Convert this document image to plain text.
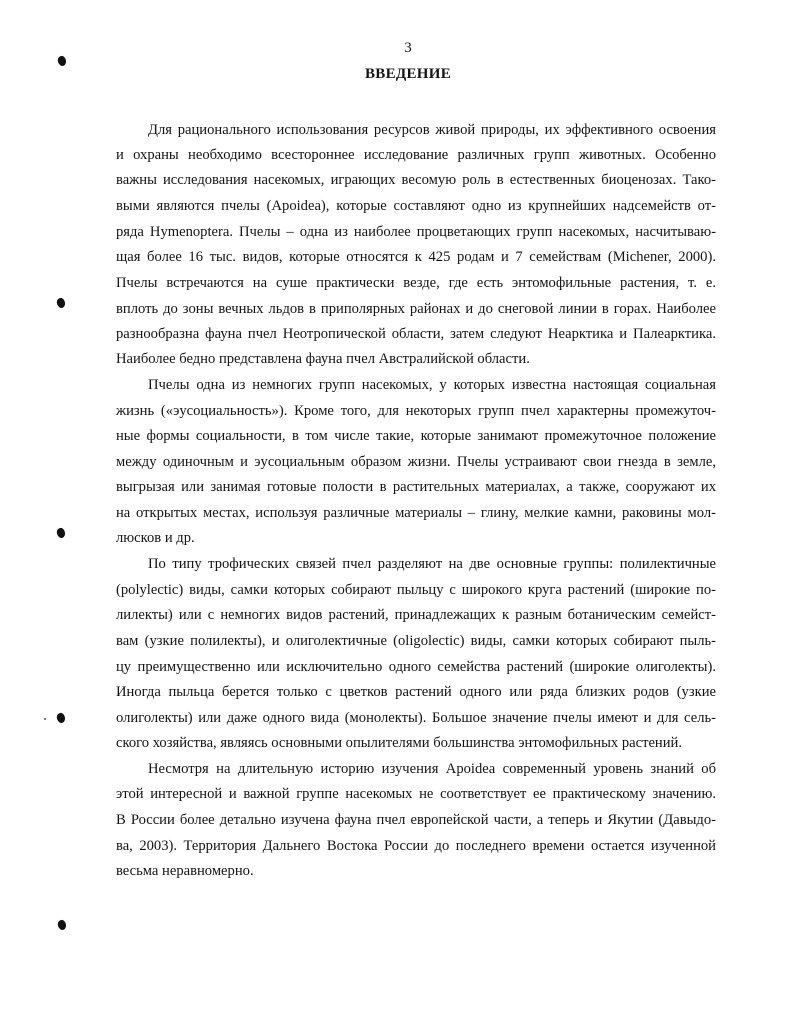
3
ВВЕДЕНИЕ
Для рационального использования ресурсов живой природы, их эффективного освоения
и охраны необходимо всестороннее исследование различных групп животных. Особенно
важны исследования насекомых, играющих весомую роль в естественных биоценозах. Тако-
выми являются пчелы (Apoidea), которые составляют одно из крупнейших надсемейств от-
ряда Hymenoptera. Пчелы – одна из наиболее процветающих групп насекомых, насчитываю-
щая более 16 тыс. видов, которые относятся к 425 родам и 7 семействам (Michener, 2000).
Пчелы встречаются на суше практически везде, где есть энтомофильные растения, т. е.
вплоть до зоны вечных льдов в приполярных районах и до снеговой линии в горах. Наиболее
разнообразна фауна пчел Неотропической области, затем следуют Неарктика и Палеарктика.
Наиболее бедно представлена фауна пчел Австралийской области.
Пчелы одна из немногих групп насекомых, у которых известна настоящая социальная
жизнь («эусоциальность»). Кроме того, для некоторых групп пчел характерны промежуточ-
ные формы социальности, в том числе такие, которые занимают промежуточное положение
между одиночным и эусоциальным образом жизни. Пчелы устраивают свои гнезда в земле,
выгрызая или занимая готовые полости в растительных материалах, а также, сооружают их
на открытых местах, используя различные материалы – глину, мелкие камни, раковины мол-
люсков и др.
По типу трофических связей пчел разделяют на две основные группы: полилектичные
(polylectic) виды, самки которых собирают пыльцу с широкого круга растений (широкие по-
лилекты) или с немногих видов растений, принадлежащих к разным ботаническим семейст-
вам (узкие полилекты), и олиголектичные (oligolectic) виды, самки которых собирают пыль-
цу преимущественно или исключительно одного семейства растений (широкие олиголекты).
Иногда пыльца берется только с цветков растений одного или ряда близких родов (узкие
олиголекты) или даже одного вида (монолекты). Большое значение пчелы имеют и для сель-
ского хозяйства, являясь основными опылителями большинства энтомофильных растений.
Несмотря на длительную историю изучения Apoidea современный уровень знаний об
этой интересной и важной группе насекомых не соответствует ее практическому значению.
В России более детально изучена фауна пчел европейской части, а теперь и Якутии (Давыдо-
ва, 2003). Территория Дальнего Востока России до последнего времени остается изученной
весьма неравномерно.
